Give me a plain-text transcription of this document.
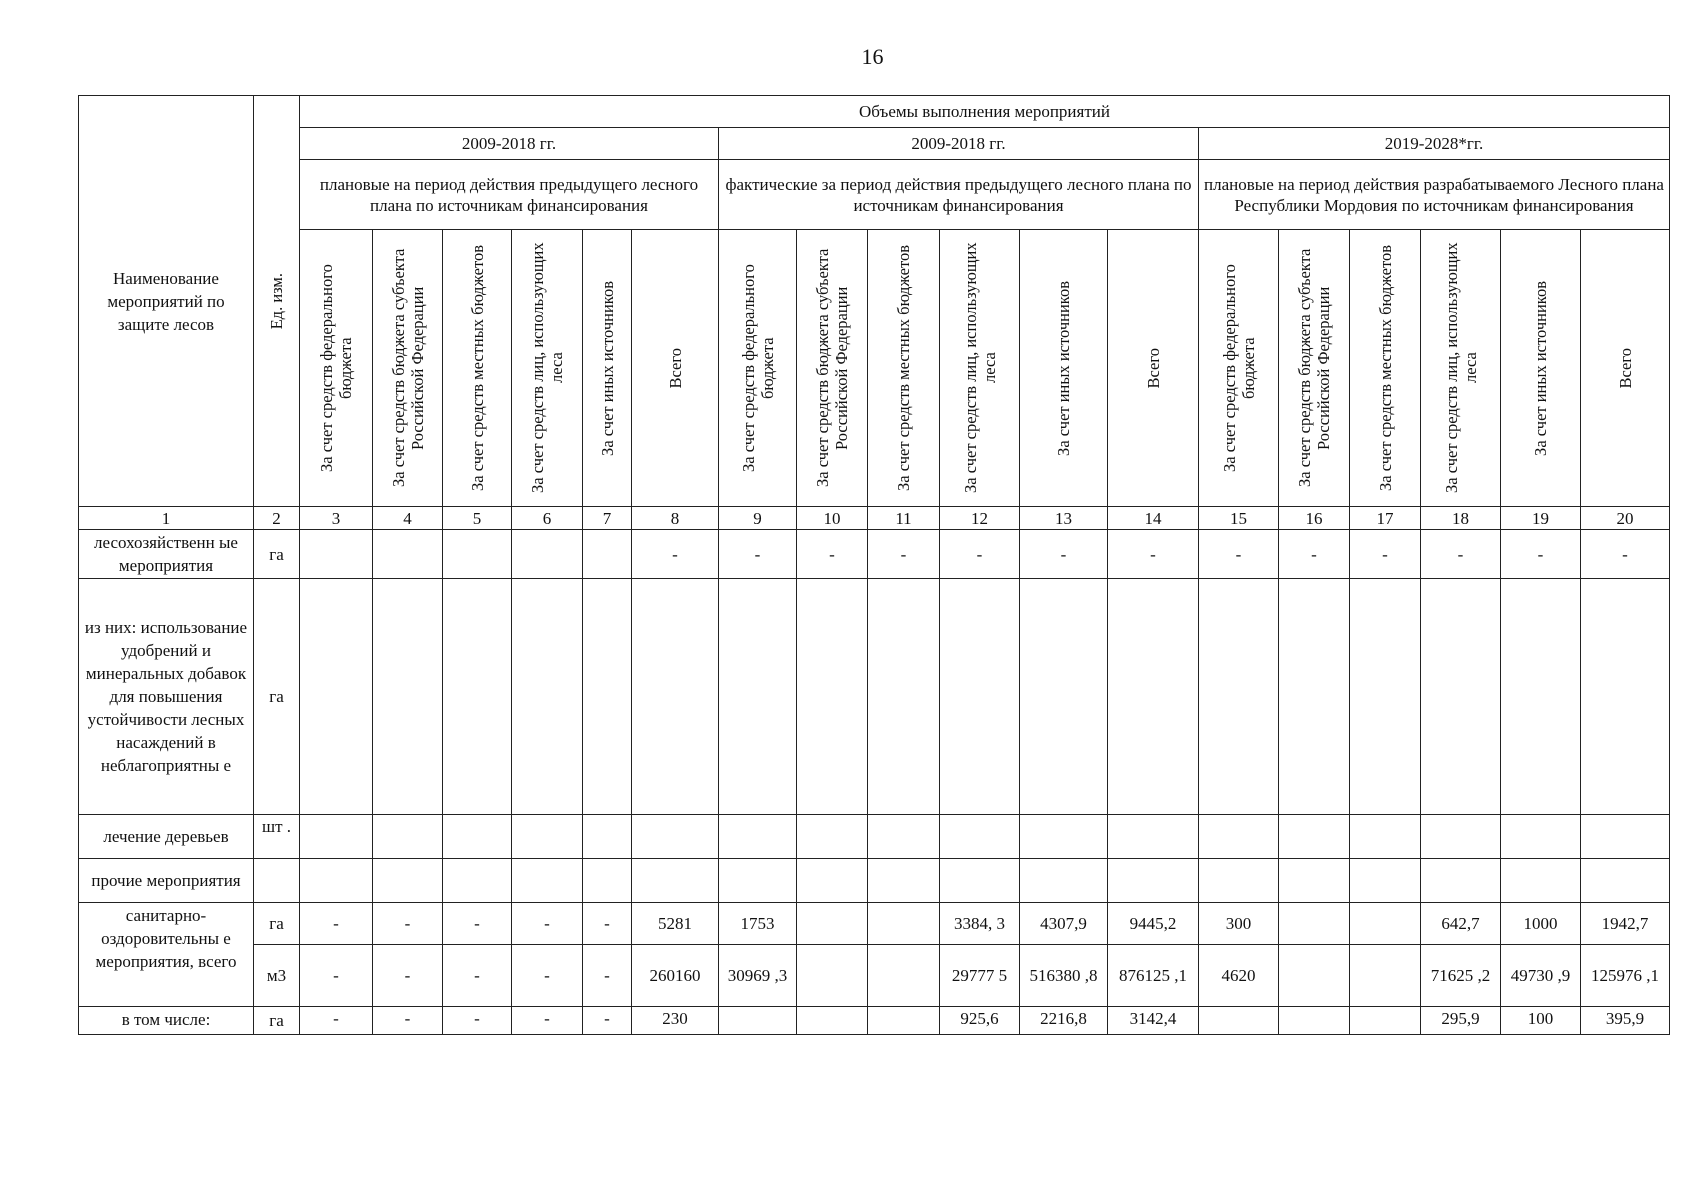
16
Наименование мероприятий по защите лесов	Ед. изм.	Объемы выполнения мероприятий																	
		2009-2018 гг.						2009-2018 гг.						2019-2028*гг.					
		плановые на период действия предыдущего лесного плана по источникам финансирования						фактические за период действия предыдущего лесного плана по источникам финансирования						плановые на период действия разрабатываемого Лесного плана Республики Мордовия по источникам финансирования					

		За счет средств федерального бюджета	За счет средств бюджета субъекта Российской Федерации	За счет средств местных бюджетов	За счет средств лиц, использующих леса	За счет иных источников	Всего	За счет средств федерального бюджета	За счет средств бюджета субъекта Российской Федерации	За счет средств местных бюджетов	За счет средств лиц, использующих леса	За счет иных источников	Всего	За счет средств федерального бюджета	За счет средств бюджета субъекта Российской Федерации	За счет средств местных бюджетов	За счет средств лиц, использующих леса	За счет иных источников	Всего

1	2	3	4	5	6	7	8	9	10	11	12	13	14	15	16	17	18	19	20
лесохозяйственн ые мероприятия	га						-	-	-	-	-	-	-	-	-	-	-	-	-
из них: использование удобрений и минеральных добавок для повышения устойчивости лесных насаждений в неблагоприятны е	га																		
лечение деревьев	шт .																		
прочие мероприятия																			
санитарно- оздоровительны е мероприятия, всего	га	-	-	-	-	-	5281	1753			3384, 3	4307,9	9445,2	300			642,7	1000	1942,7
	м3	-	-	-	-	-	260160	30969 ,3			29777 5	516380 ,8	876125 ,1	4620			71625 ,2	49730 ,9	125976 ,1
в том числе:	га	-	-	-	-	-	230				925,6	2216,8	3142,4				295,9	100	395,9
